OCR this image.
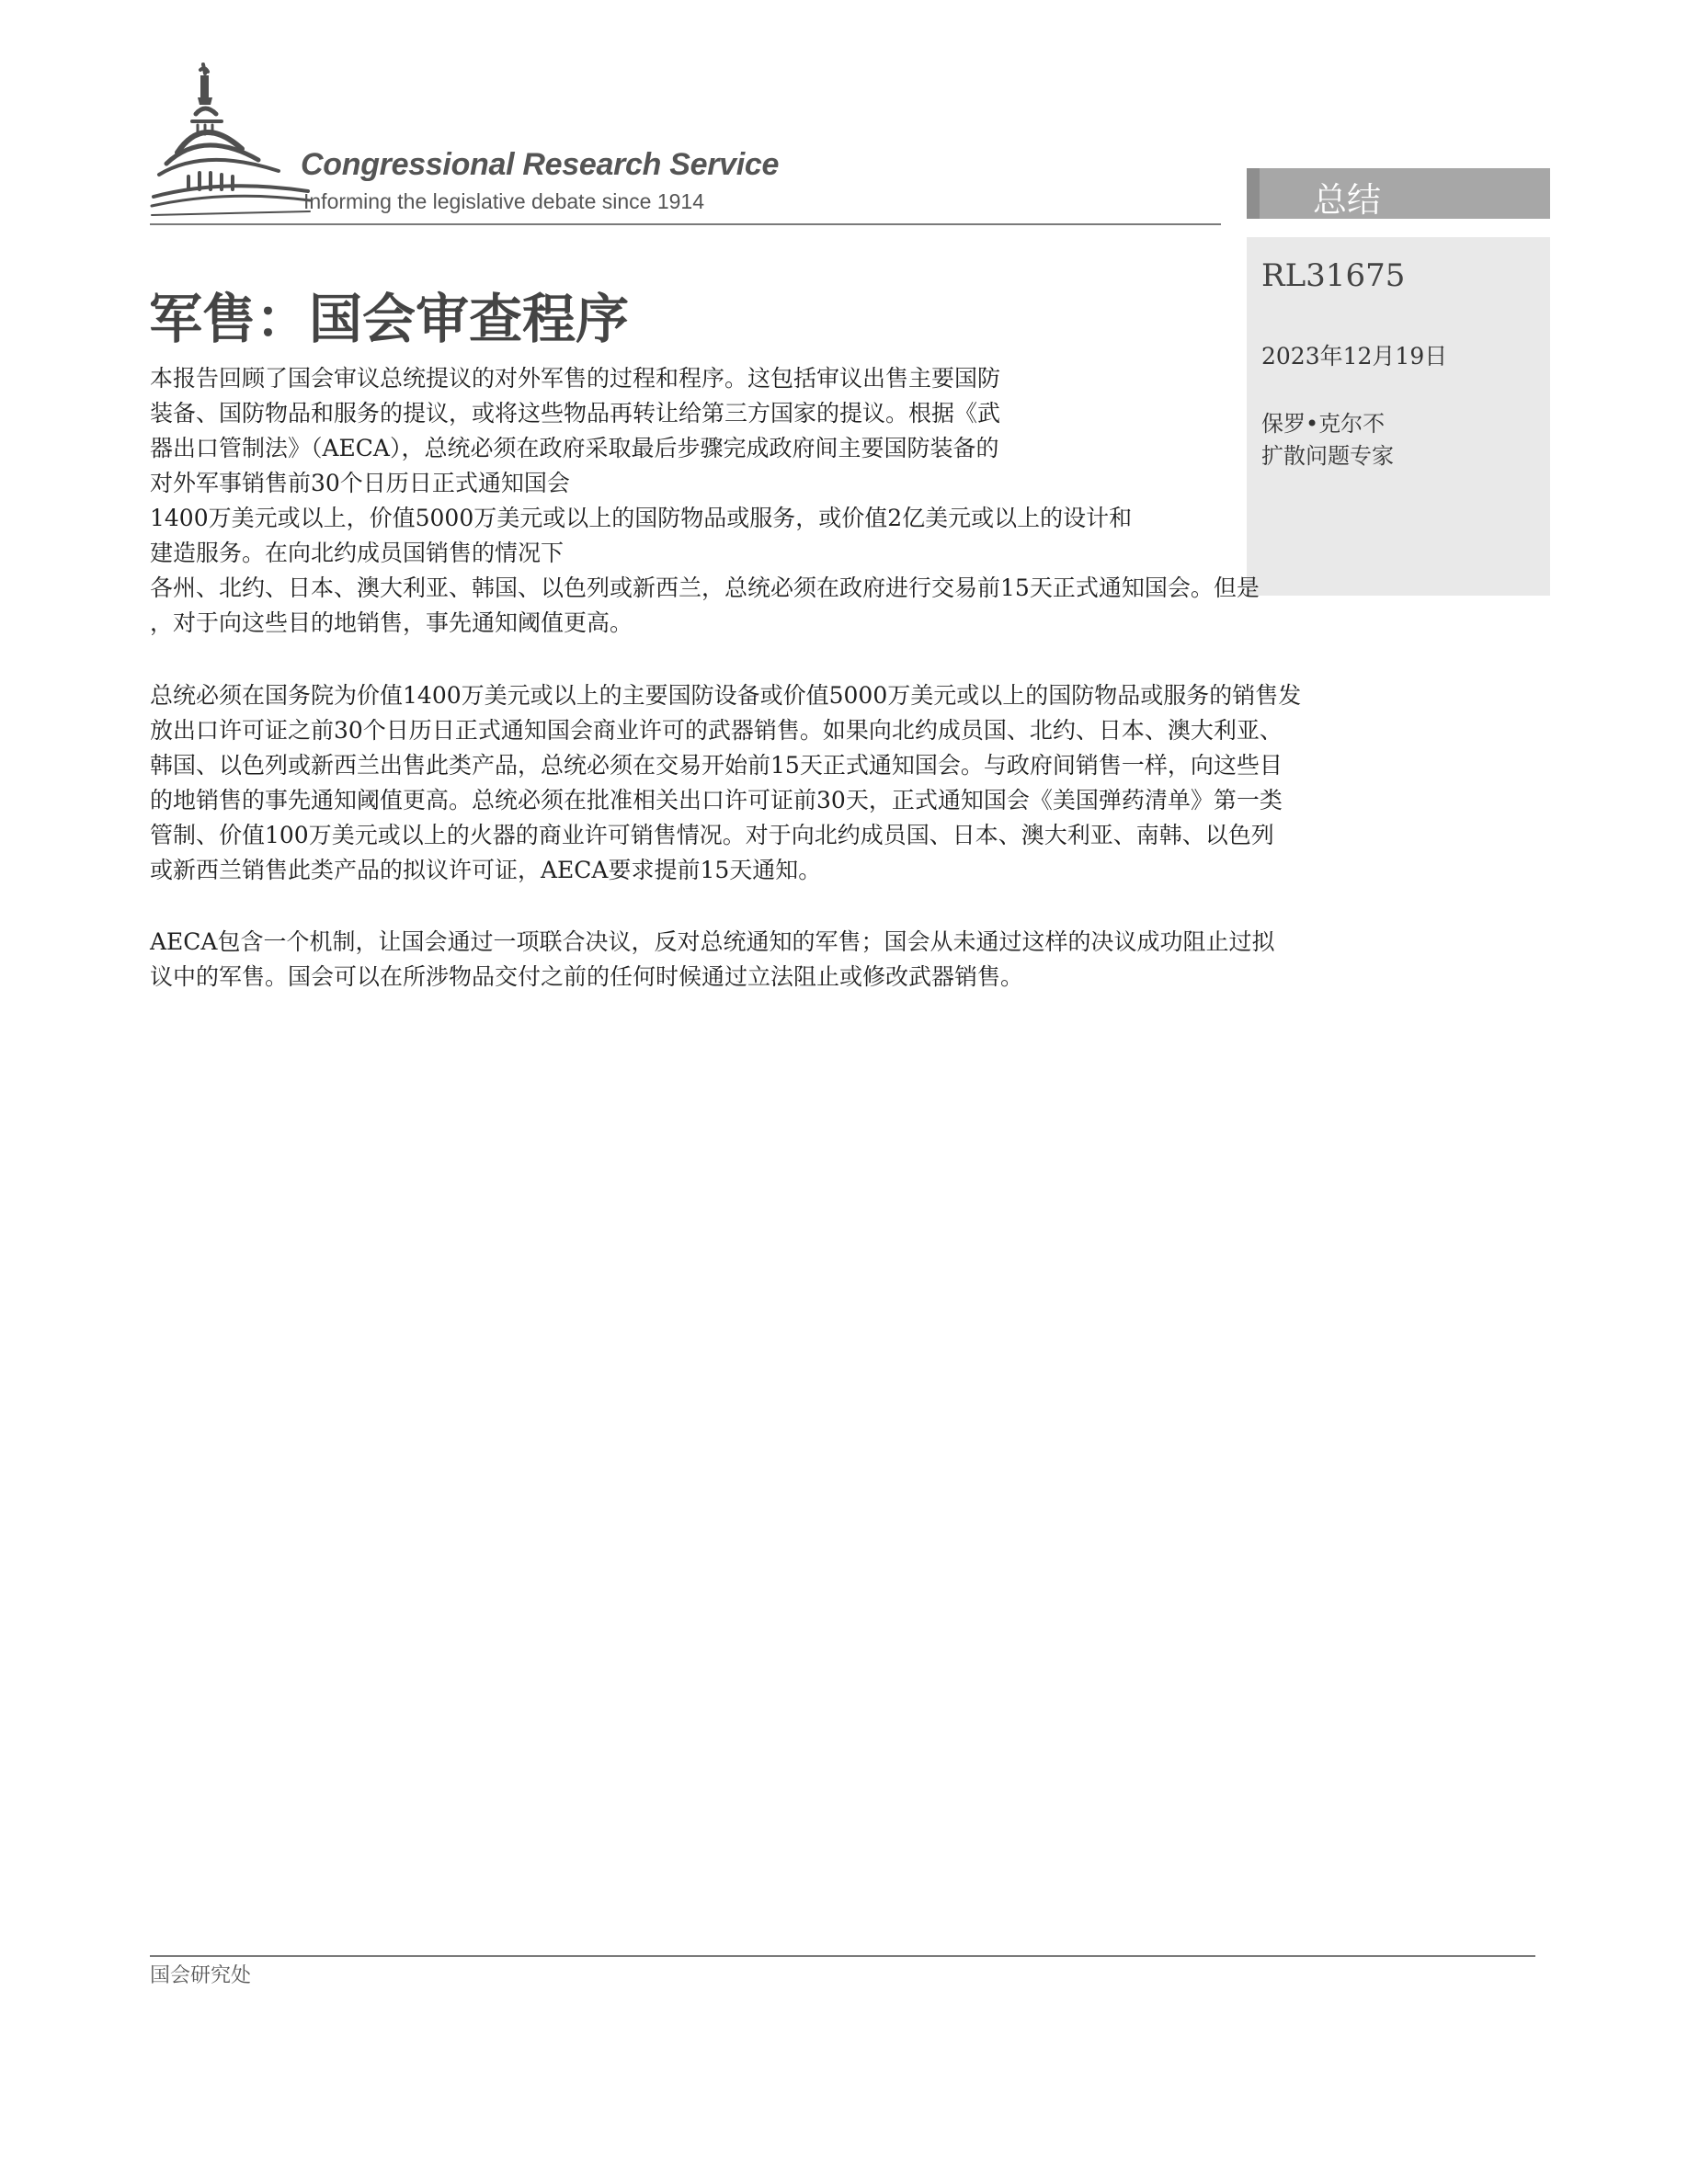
Congressional Research Service
Informing the legislative debate since 1914	总结
RL31675
2023年12月19日
保罗•克尔不
扩散问题专家
军售：国会审查程序
本报告回顾了国会审议总统提议的对外军售的过程和程序。这包括审议出售主要国防
装备、国防物品和服务的提议，或将这些物品再转让给第三方国家的提议。根据《武
器出口管制法》（AECA），总统必须在政府采取最后步骤完成政府间主要国防装备的
对外军事销售前30个日历日正式通知国会
1400万美元或以上，价值5000万美元或以上的国防物品或服务，或价值2亿美元或以上的设计和
建造服务。在向北约成员国销售的情况下
各州、北约、日本、澳大利亚、韩国、以色列或新西兰，总统必须在政府进行交易前15天正式通知国会。但是
，对于向这些目的地销售，事先通知阈值更高。
总统必须在国务院为价值1400万美元或以上的主要国防设备或价值5000万美元或以上的国防物品或服务的销售发
放出口许可证之前30个日历日正式通知国会商业许可的武器销售。如果向北约成员国、北约、日本、澳大利亚、
韩国、以色列或新西兰出售此类产品，总统必须在交易开始前15天正式通知国会。与政府间销售一样，向这些目
的地销售的事先通知阈值更高。总统必须在批准相关出口许可证前30天，正式通知国会《美国弹药清单》第一类
管制、价值100万美元或以上的火器的商业许可销售情况。对于向北约成员国、日本、澳大利亚、南韩、以色列
或新西兰销售此类产品的拟议许可证，AECA要求提前15天通知。
AECA包含一个机制，让国会通过一项联合决议，反对总统通知的军售；国会从未通过这样的决议成功阻止过拟
议中的军售。国会可以在所涉物品交付之前的任何时候通过立法阻止或修改武器销售。
国会研究处
